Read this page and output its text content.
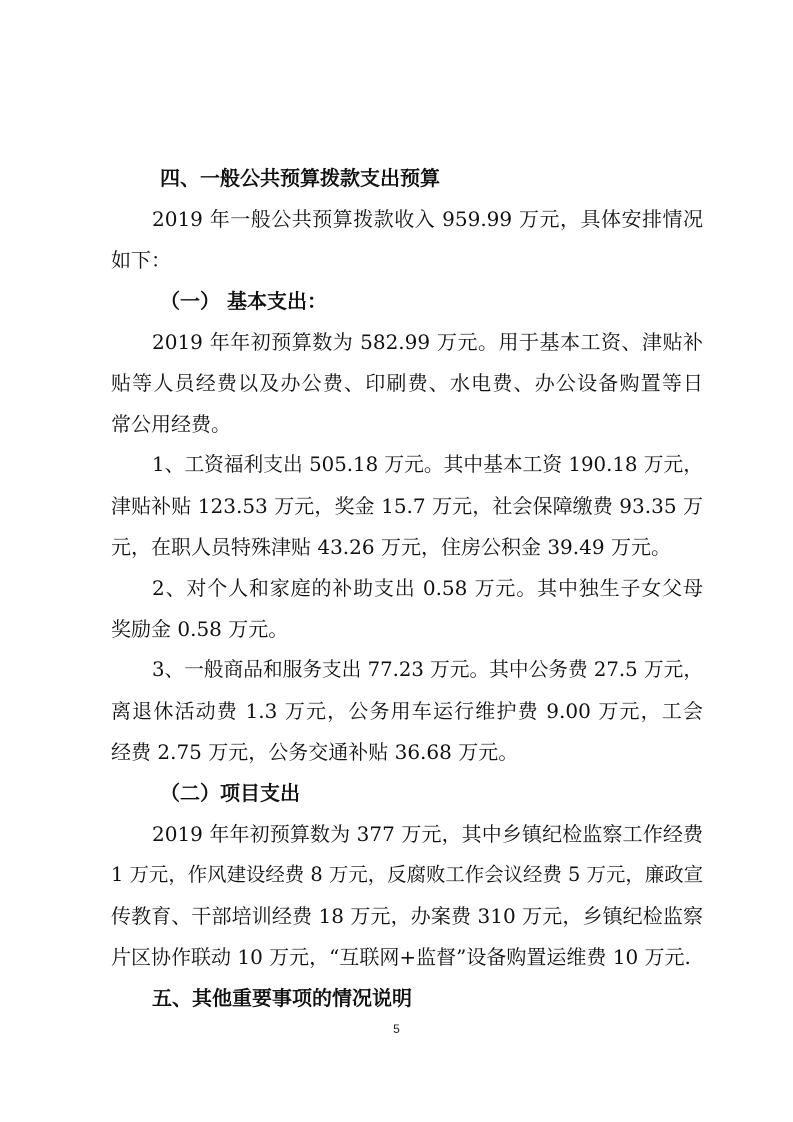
四、一般公共预算拨款支出预算
2019 年一般公共预算拨款收入 959.99 万元，具体安排情况
如下：
（一） 基本支出：
2019 年年初预算数为 582.99 万元。用于基本工资、津贴补
贴等人员经费以及办公费、印刷费、水电费、办公设备购置等日
常公用经费。
1、工资福利支出 505.18 万元。其中基本工资 190.18 万元，
津贴补贴 123.53 万元，奖金 15.7 万元，社会保障缴费 93.35 万
元，在职人员特殊津贴 43.26 万元，住房公积金 39.49 万元。
2、对个人和家庭的补助支出 0.58 万元。其中独生子女父母
奖励金 0.58 万元。
3、一般商品和服务支出 77.23 万元。其中公务费 27.5 万元，
离退休活动费 1.3 万元，公务用车运行维护费 9.00 万元，工会
经费 2.75 万元，公务交通补贴 36.68 万元。
（二）项目支出
2019 年年初预算数为 377 万元，其中乡镇纪检监察工作经费
1 万元，作风建设经费 8 万元，反腐败工作会议经费 5 万元，廉政宣
传教育、干部培训经费 18 万元，办案费 310 万元，乡镇纪检监察
片区协作联动 10 万元，“互联网+监督”设备购置运维费 10 万元.
五、其他重要事项的情况说明
5
